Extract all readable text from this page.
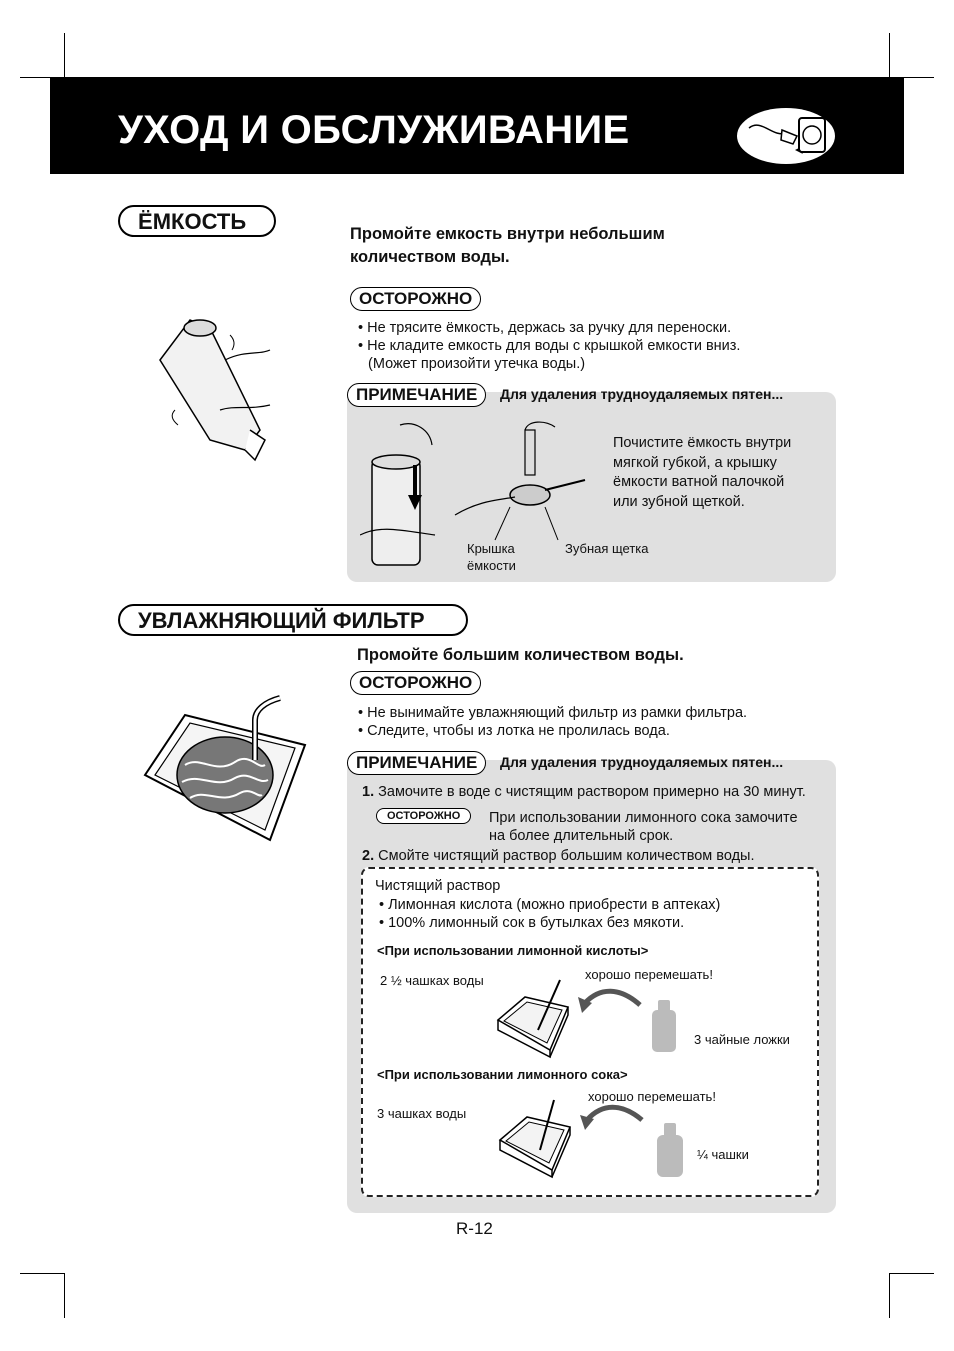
УХОД И ОБСЛУЖИВАНИЕ
ЁМКОСТЬ	Промойте емкость внутри небольшим
количеством воды.
ОСТОРОЖНО
• Не трясите ёмкость, держась за ручку для переноски.
• Не кладите емкость для воды с крышкой емкости вниз.
(Может произойти утечка воды.)
ПРИМЕЧАНИЕ	Для удаления трудноудаляемых пятен...
Крышка
ёмкости
Зубная щетка
Почистите ёмкость внутри
мягкой губкой, а крышку
ёмкости ватной палочкой
или зубной щеткой.
УВЛАЖНЯЮЩИЙ ФИЛЬТР
Промойте большим количеством воды.
ОСТОРОЖНО
• Не вынимайте увлажняющий фильтр из рамки фильтра.
• Следите, чтобы из лотка не пролилась вода.
ПРИМЕЧАНИЕ	Для удаления трудноудаляемых пятен...
1. Замочите в воде с чистящим раствором примерно на 30 минут.
ОСТОРОЖНО	При использовании лимонного сока замочите
на более длительный срок.
2. Смойте чистящий раствор большим количеством воды.
Чистящий раствор
• Лимонная кислота (можно приобрести в аптеках)
• 100% лимонный сок в бутылках без мякоти.
<При использовании лимонной кислоты>
2 ½ чашках воды	хорошо перемешать!
3 чайные ложки
<При использовании лимонного сока>
3 чашках воды
хорошо перемешать!
¼ чашки
R-12
